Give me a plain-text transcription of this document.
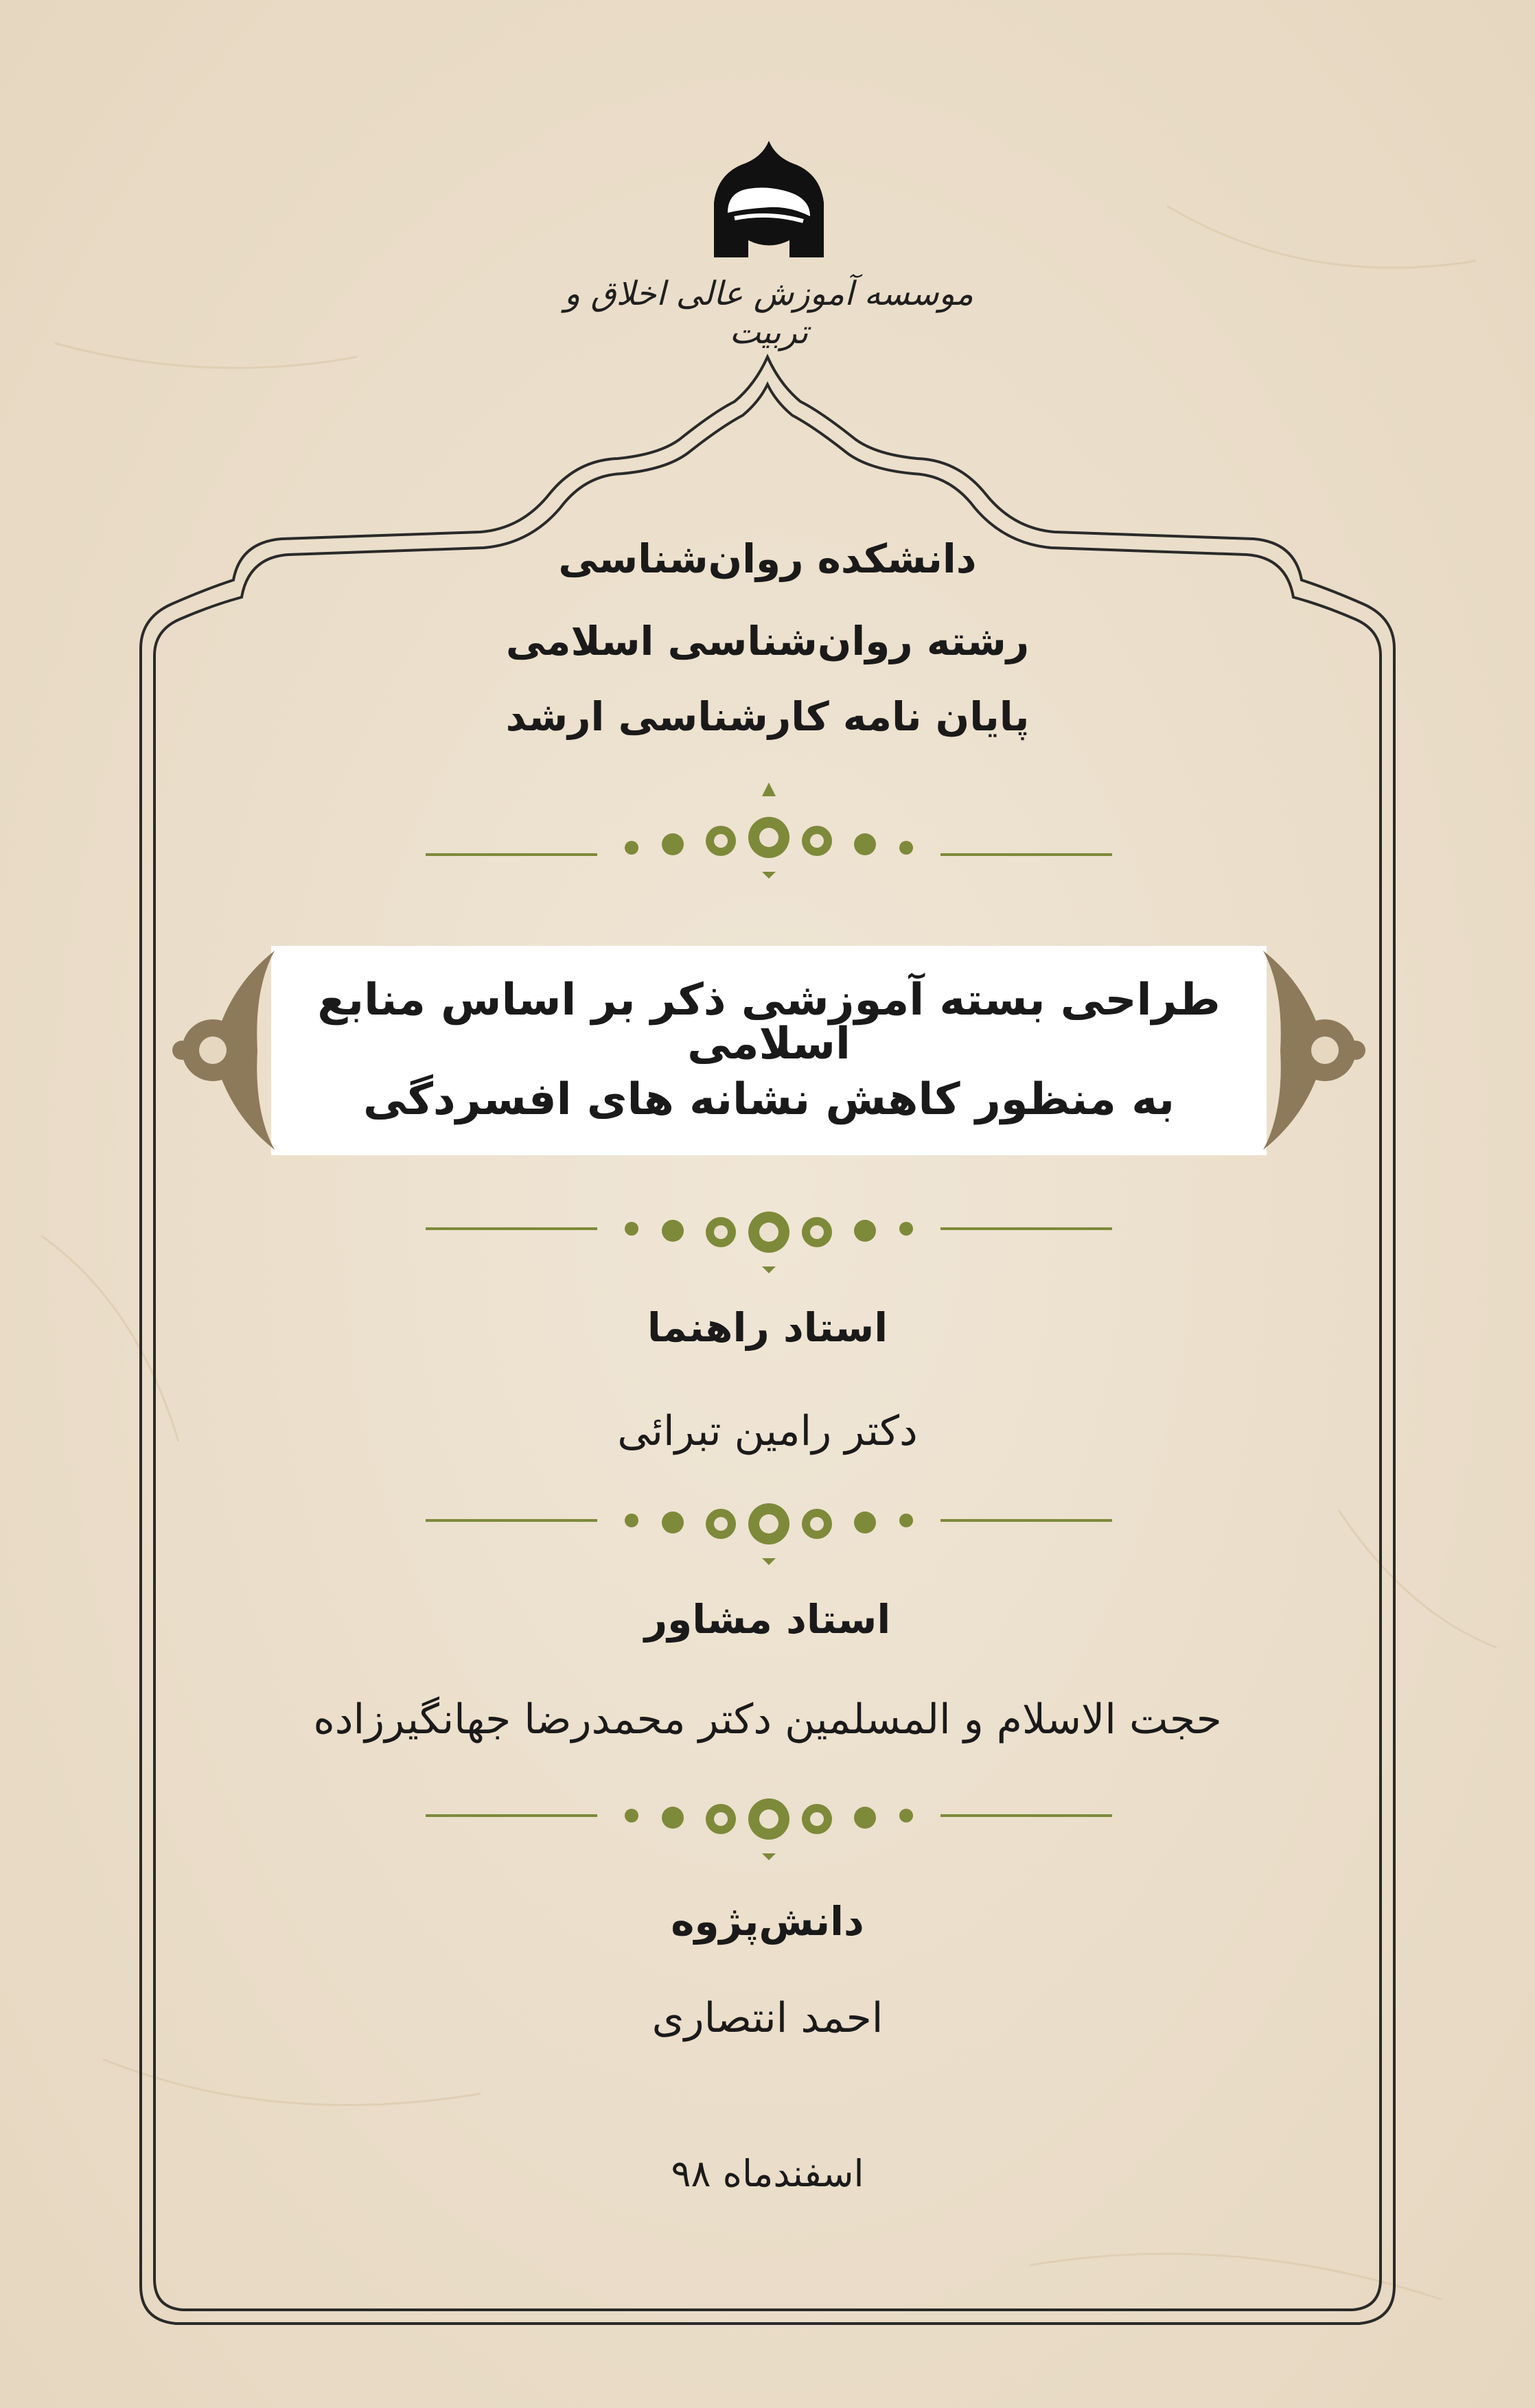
موسسه آموزش عالی اخلاق و تربیت
دانشکده روان‌شناسی
رشته روان‌شناسی اسلامی
پایان نامه کارشناسی ارشد
طراحی بسته آموزشی ذکر بر اساس منابع اسلامی
به منظور کاهش نشانه های افسردگی
استاد راهنما
دکتر رامین تبرائی
استاد مشاور
حجت الاسلام و المسلمین دکتر محمدرضا جهانگیرزاده
دانش‌پژوه
احمد انتصاری
اسفندماه ۹۸
